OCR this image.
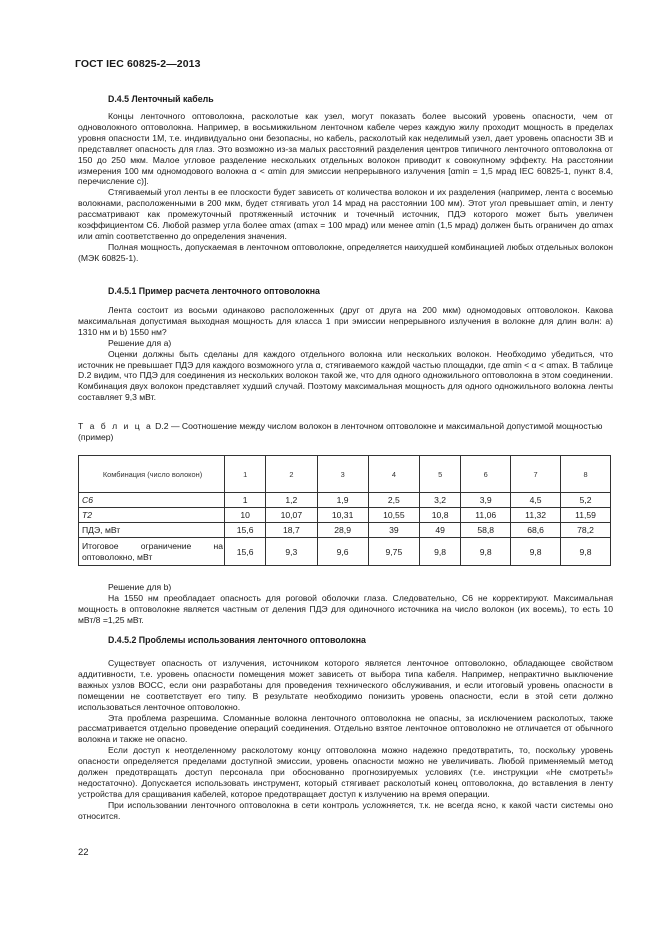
ГОСТ IEC 60825-2—2013
D.4.5 Ленточный кабель

Концы ленточного оптоволокна, расколотые как узел, могут показать более высокий уровень опасности, чем от одноволокного оптоволокна. Например, в восьмижильном ленточном кабеле через каждую жилу проходит мощность в пределах уровня опасности 1М, т.е. индивидуально они безопасны, но кабель, расколотый как неделимый узел, дает уровень опасности 3В и представляет опасность для глаз. Это возможно из-за малых расстояний разделения центров типичного ленточного оптоволокна от 150 до 250 мкм. Малое угловое разделение нескольких отдельных волокон приводит к совокупному эффекту. На расстоянии измерения 100 мм одномодового волокна α < αmin для эмиссии непрерывного излучения [αmin = 1,5 мрад IEC 60825-1, пункт 8.4, перечисление c)].

Стягиваемый угол ленты в ее плоскости будет зависеть от количества волокон и их разделения (например, лента с восемью волокнами, расположенными в 200 мкм, будет стягивать угол 14 мрад на расстоянии 100 мм). Этот угол превышает αmin, и ленту рассматривают как промежуточный протяженный источник и точечный источник, ПДЭ которого может быть увеличен коэффициентом C6. Любой размер угла более αmax (αmax = 100 мрад) или менее αmin (1,5 мрад) должен быть ограничен до αmax или αmin соответственно до определения значения.

Полная мощность, допускаемая в ленточном оптоволокне, определяется наихудшей комбинацией любых отдельных волокон (МЭК 60825-1).

D.4.5.1 Пример расчета ленточного оптоволокна

Лента состоит из восьми одинаково расположенных (друг от друга на 200 мкм) одномодовых оптоволокон. Какова максимальная допустимая выходная мощность для класса 1 при эмиссии непрерывного излучения в волокне для длин волн: а) 1310 нм и b) 1550 нм?

Решение для а)

Оценки должны быть сделаны для каждого отдельного волокна или нескольких волокон. Необходимо убедиться, что источник не превышает ПДЭ для каждого возможного угла α, стягиваемого каждой частью площадки, где αmin < α < αmax. В таблице D.2 видим, что ПДЭ для соединения из нескольких волокон такой же, что для одного одножильного оптоволокна в этом соединении. Комбинация двух волокон представляет худший случай. Поэтому максимальная мощность для одного одножильного волокна ленты составляет 9,3 мВт.

Т а б л и ц а D.2 — Соотношение между числом волокон в ленточном оптоволокне и максимальной допустимой мощностью (пример)
Комбинация (число волокон)	1	2	3	4	5	6	7	8
C6	1	1,2	1,9	2,5	3,2	3,9	4,5	5,2
T2	10	10,07	10,31	10,55	10,8	11,06	11,32	11,59
ПДЭ, мВт	15,6	18,7	28,9	39	49	58,8	68,6	78,2
Итоговое ограничение на оптоволокно, мВт	15,6	9,3	9,6	9,75	9,8	9,8	9,8	9,8

Решение для b)

На 1550 нм преобладает опасность для роговой оболочки глаза. Следовательно, C6 не корректируют. Максимальная мощность в оптоволокне является частным от деления ПДЭ для одиночного источника на число волокон (их восемь), то есть 10 мВт/8 =1,25 мВт.

D.4.5.2 Проблемы использования ленточного оптоволокна

Существует опасность от излучения, источником которого является ленточное оптоволокно, обладающее свойством аддитивности, т.е. уровень опасности помещения может зависеть от выбора типа кабеля. Например, непрактично выключение важных узлов ВОСС, если они разработаны для проведения технического обслуживания, и если итоговый уровень опасности в помещении не соответствует его типу. В результате необходимо понизить уровень опасности, если в этой сети должно использоваться ленточное оптоволокно.

Эта проблема разрешима. Сломанные волокна ленточного оптоволокна не опасны, за исключением расколотых, также рассматривается отдельно проведение операций соединения. Отдельно взятое ленточное оптоволокно не отличается от обычного волокна и также не опасно.

Если доступ к неотделенному расколотому концу оптоволокна можно надежно предотвратить, то, поскольку уровень опасности определяется пределами доступной эмиссии, уровень опасности можно не увеличивать. Любой применяемый метод должен предотвращать доступ персонала при обоснованно прогнозируемых условиях (т.е. инструкции «Не смотреть!» недостаточно). Допускается использовать инструмент, который стягивает расколотый конец оптоволокна, до вставления в ленту устройства для сращивания кабелей, которое предотвращает доступ к излучению на время операции.

При использовании ленточного оптоволокна в сети контроль усложняется, т.к. не всегда ясно, к какой части системы оно относится.

22
